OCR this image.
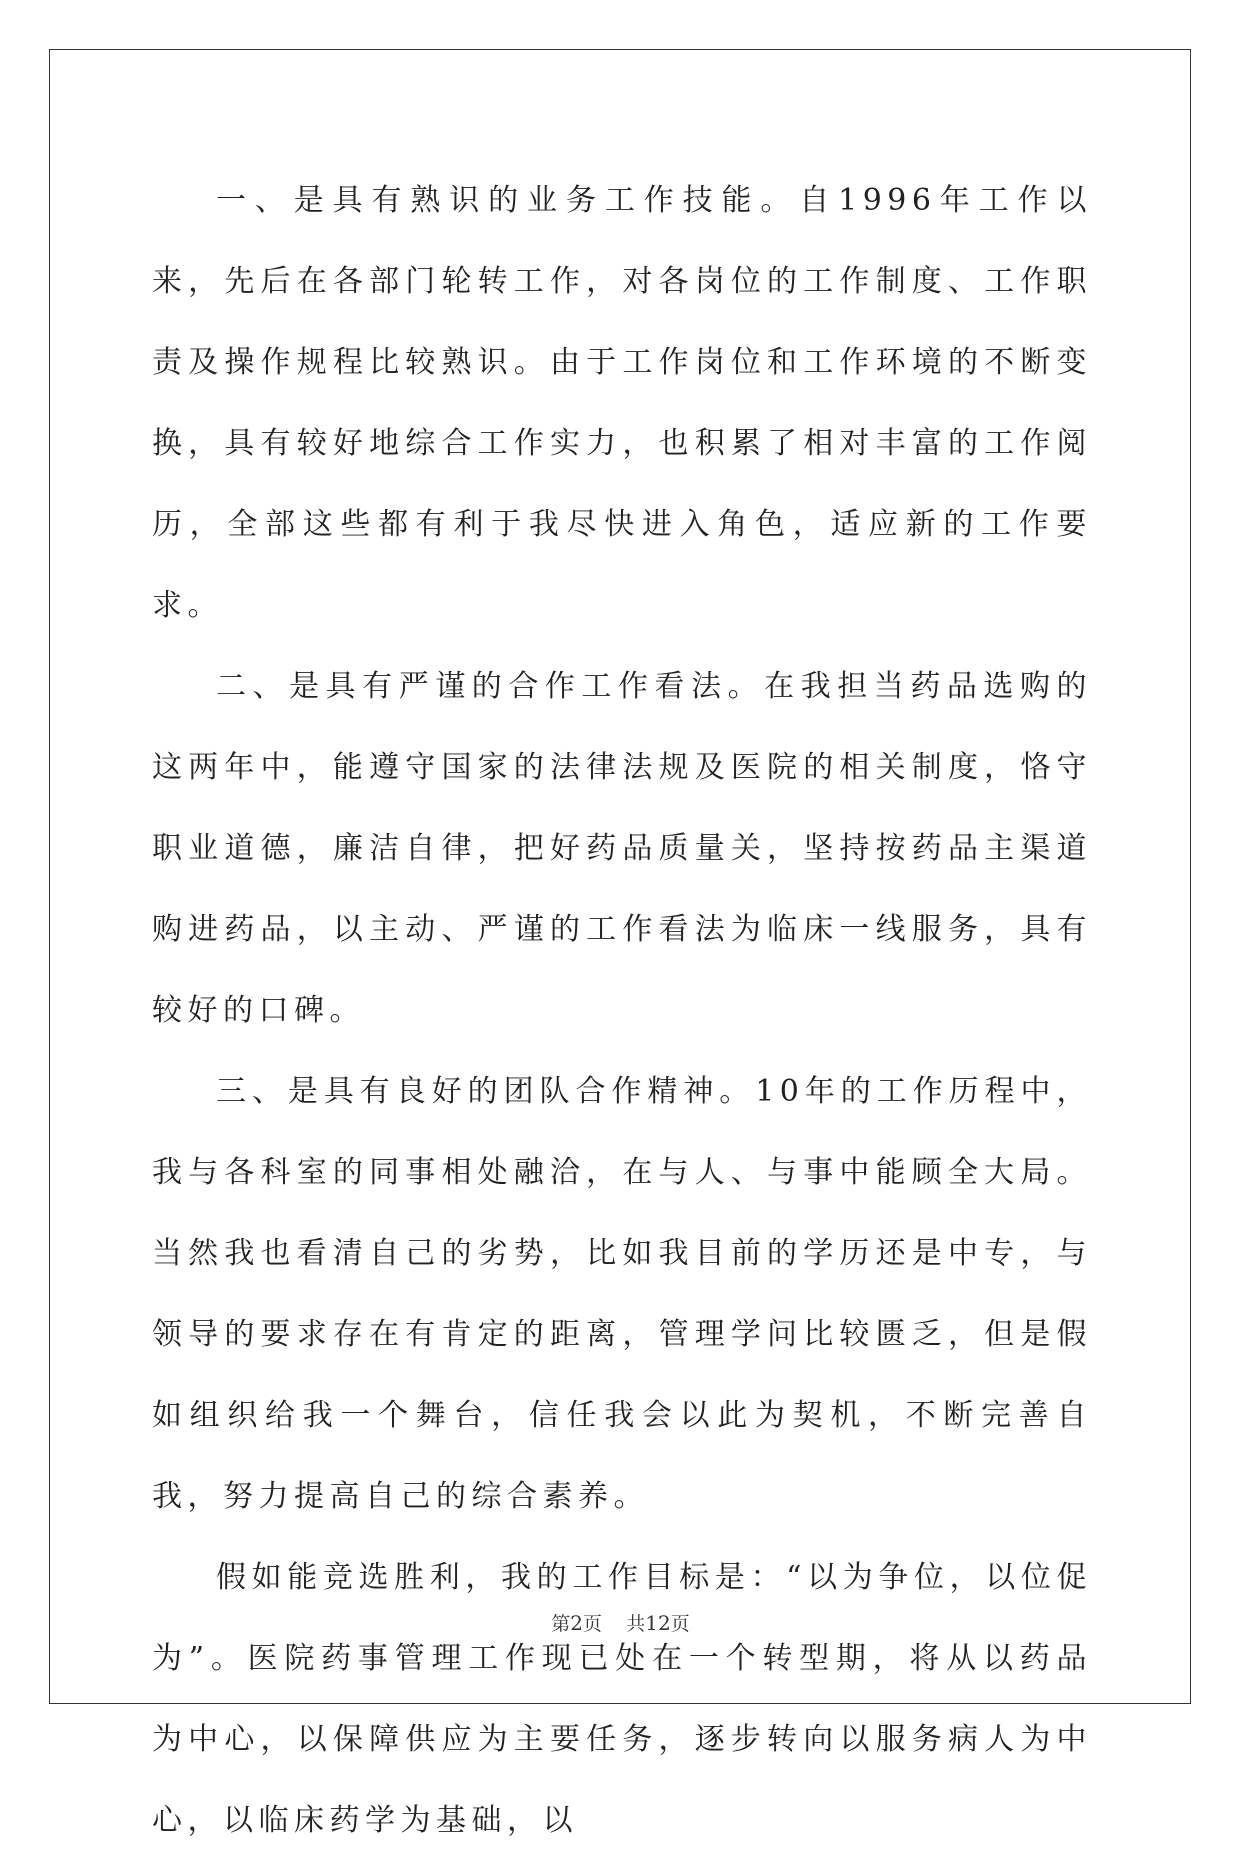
一、是具有熟识的业务工作技能。自1996年工作以来，先后在各部门轮转工作，对各岗位的工作制度、工作职责及操作规程比较熟识。由于工作岗位和工作环境的不断变换，具有较好地综合工作实力，也积累了相对丰富的工作阅历，全部这些都有利于我尽快进入角色，适应新的工作要求。

二、是具有严谨的合作工作看法。在我担当药品选购的这两年中，能遵守国家的法律法规及医院的相关制度，恪守职业道德，廉洁自律，把好药品质量关，坚持按药品主渠道购进药品，以主动、严谨的工作看法为临床一线服务，具有较好的口碑。

三、是具有良好的团队合作精神。10年的工作历程中，我与各科室的同事相处融洽，在与人、与事中能顾全大局。当然我也看清自己的劣势，比如我目前的学历还是中专，与领导的要求存在有肯定的距离，管理学问比较匮乏，但是假如组织给我一个舞台，信任我会以此为契机，不断完善自我，努力提高自己的综合素养。

假如能竞选胜利，我的工作目标是：“以为争位，以位促为”。医院药事管理工作现已处在一个转型期，将从以药品为中心，以保障供应为主要任务，逐步转向以服务病人为中心，以临床药学为基础，以

第2页 共12页
